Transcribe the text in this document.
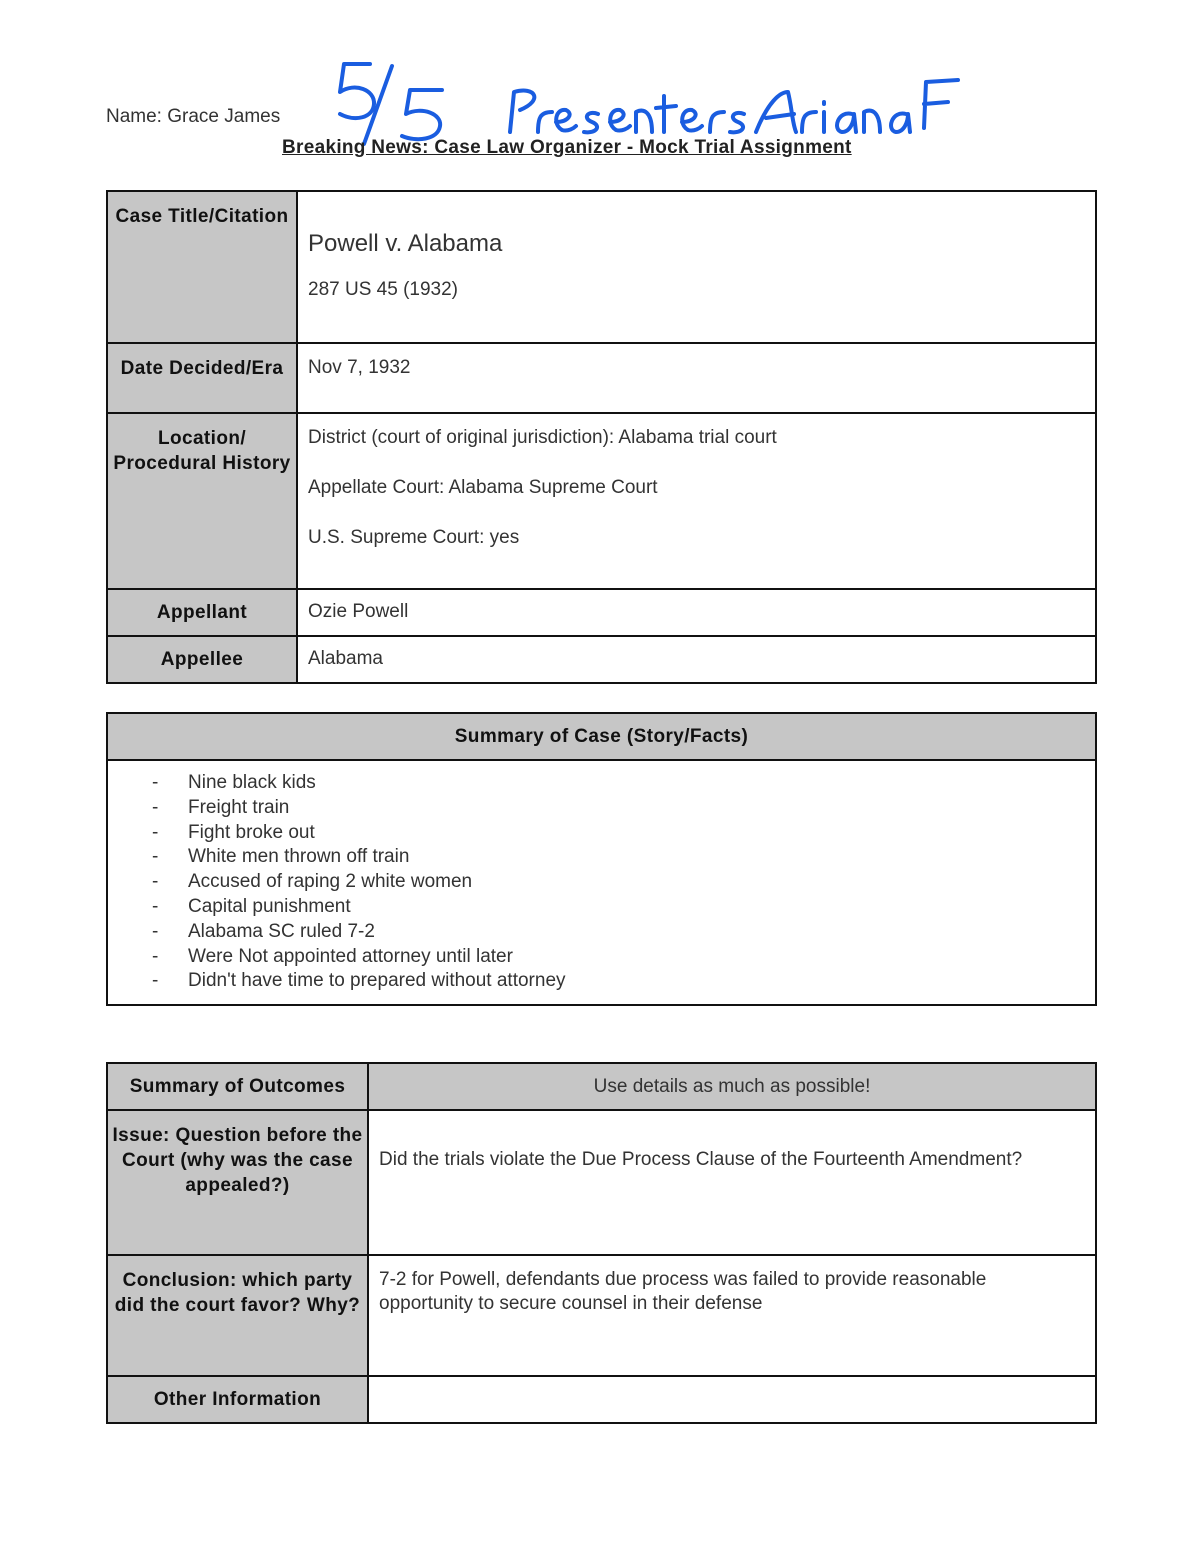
Name: Grace James
Breaking News: Case Law Organizer - Mock Trial Assignment
Case Title/Citation	Powell v. Alabama
287 US 45 (1932)

Date Decided/Era	Nov 7, 1932
Location/ Procedural History	District (court of original jurisdiction): Alabama trial court

Appellate Court: Alabama Supreme Court

U.S. Supreme Court: yes

Appellant	Ozie Powell
Appellee	Alabama
Summary of Case (Story/Facts)

- Nine black kids
- Freight train
- Fight broke out
- White men thrown off train
- Accused of raping 2 white women
- Capital punishment
- Alabama SC ruled 7-2
- Were Not appointed attorney until later
- Didn't have time to prepared without attorney
Summary of Outcomes	Use details as much as possible!
Issue: Question before the Court (why was the case appealed?)	Did the trials violate the Due Process Clause of the Fourteenth Amendment?
Conclusion: which party did the court favor? Why?	7-2 for Powell, defendants due process was failed to provide reasonable opportunity to secure counsel in their defense
Other Information	
